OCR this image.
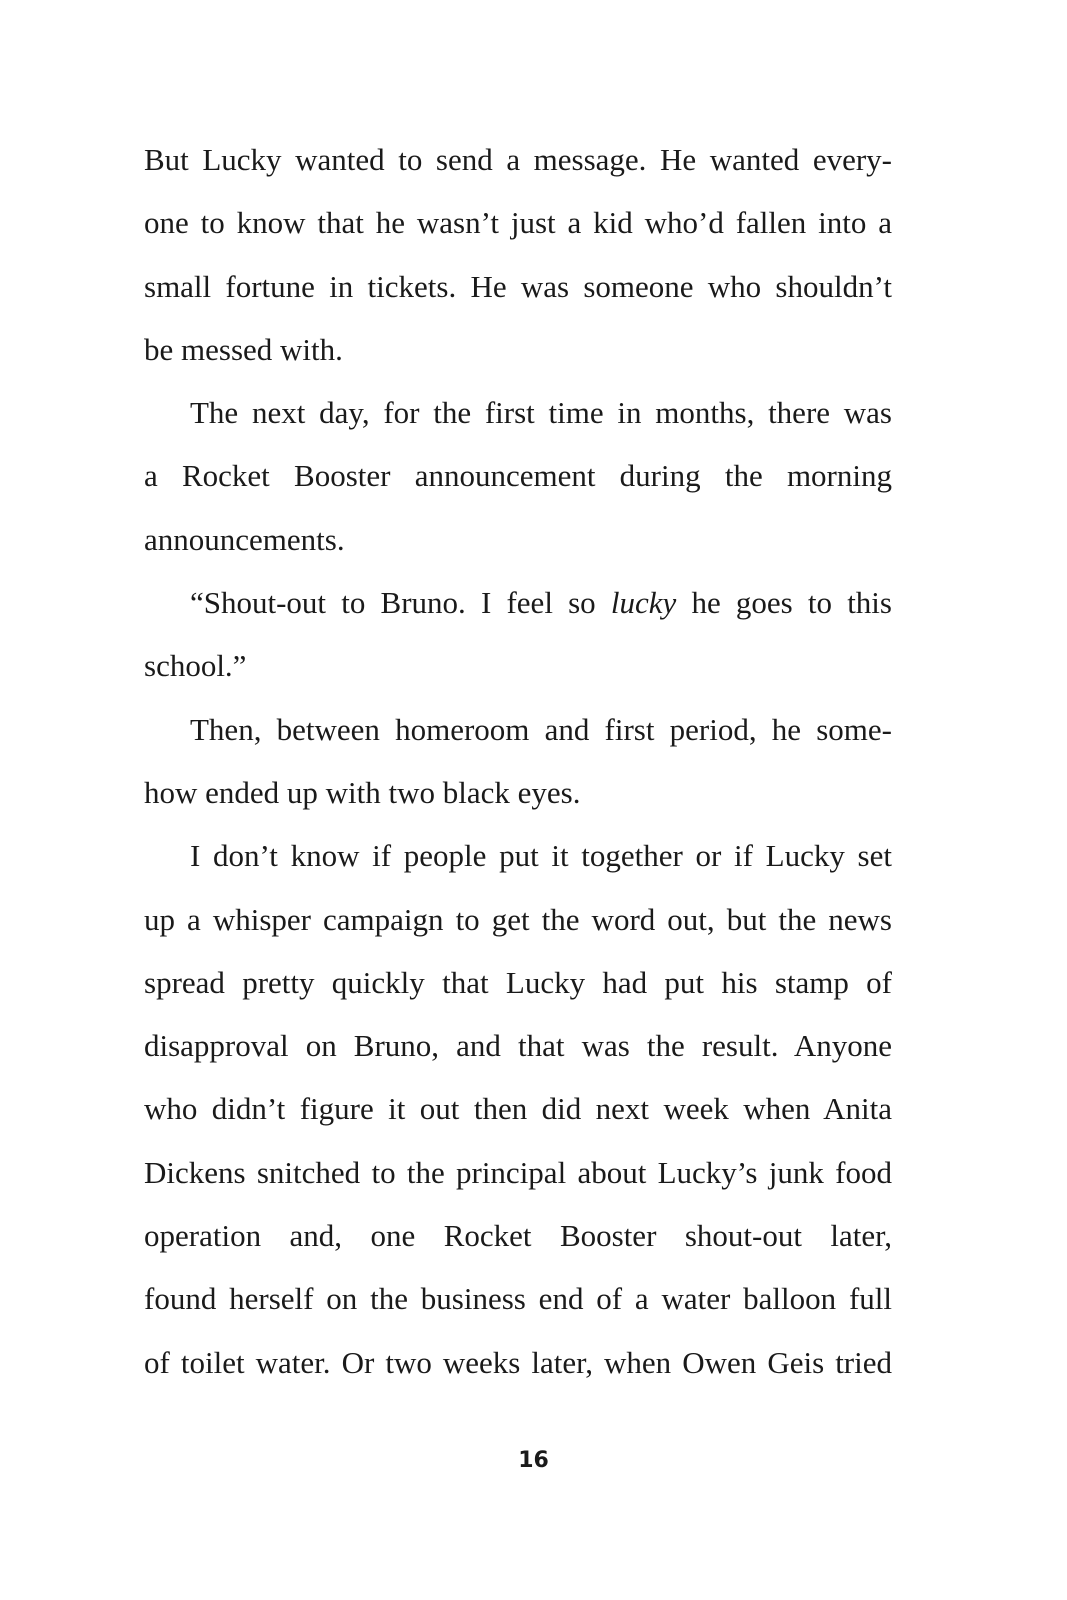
But Lucky wanted to send a message. He wanted every-
one to know that he wasn’t just a kid who’d fallen into a
small fortune in tickets. He was someone who shouldn’t
be messed with.
The next day, for the first time in months, there was
a Rocket Booster announcement during the morning
announcements.
“Shout-out to Bruno. I feel so lucky he goes to this
school.”
Then, between homeroom and first period, he some-
how ended up with two black eyes.
I don’t know if people put it together or if Lucky set
up a whisper campaign to get the word out, but the news
spread pretty quickly that Lucky had put his stamp of
disapproval on Bruno, and that was the result. Anyone
who didn’t figure it out then did next week when Anita
Dickens snitched to the principal about Lucky’s junk food
operation and, one Rocket Booster shout-out later,
found herself on the business end of a water balloon full
of toilet water. Or two weeks later, when Owen Geis tried
16
